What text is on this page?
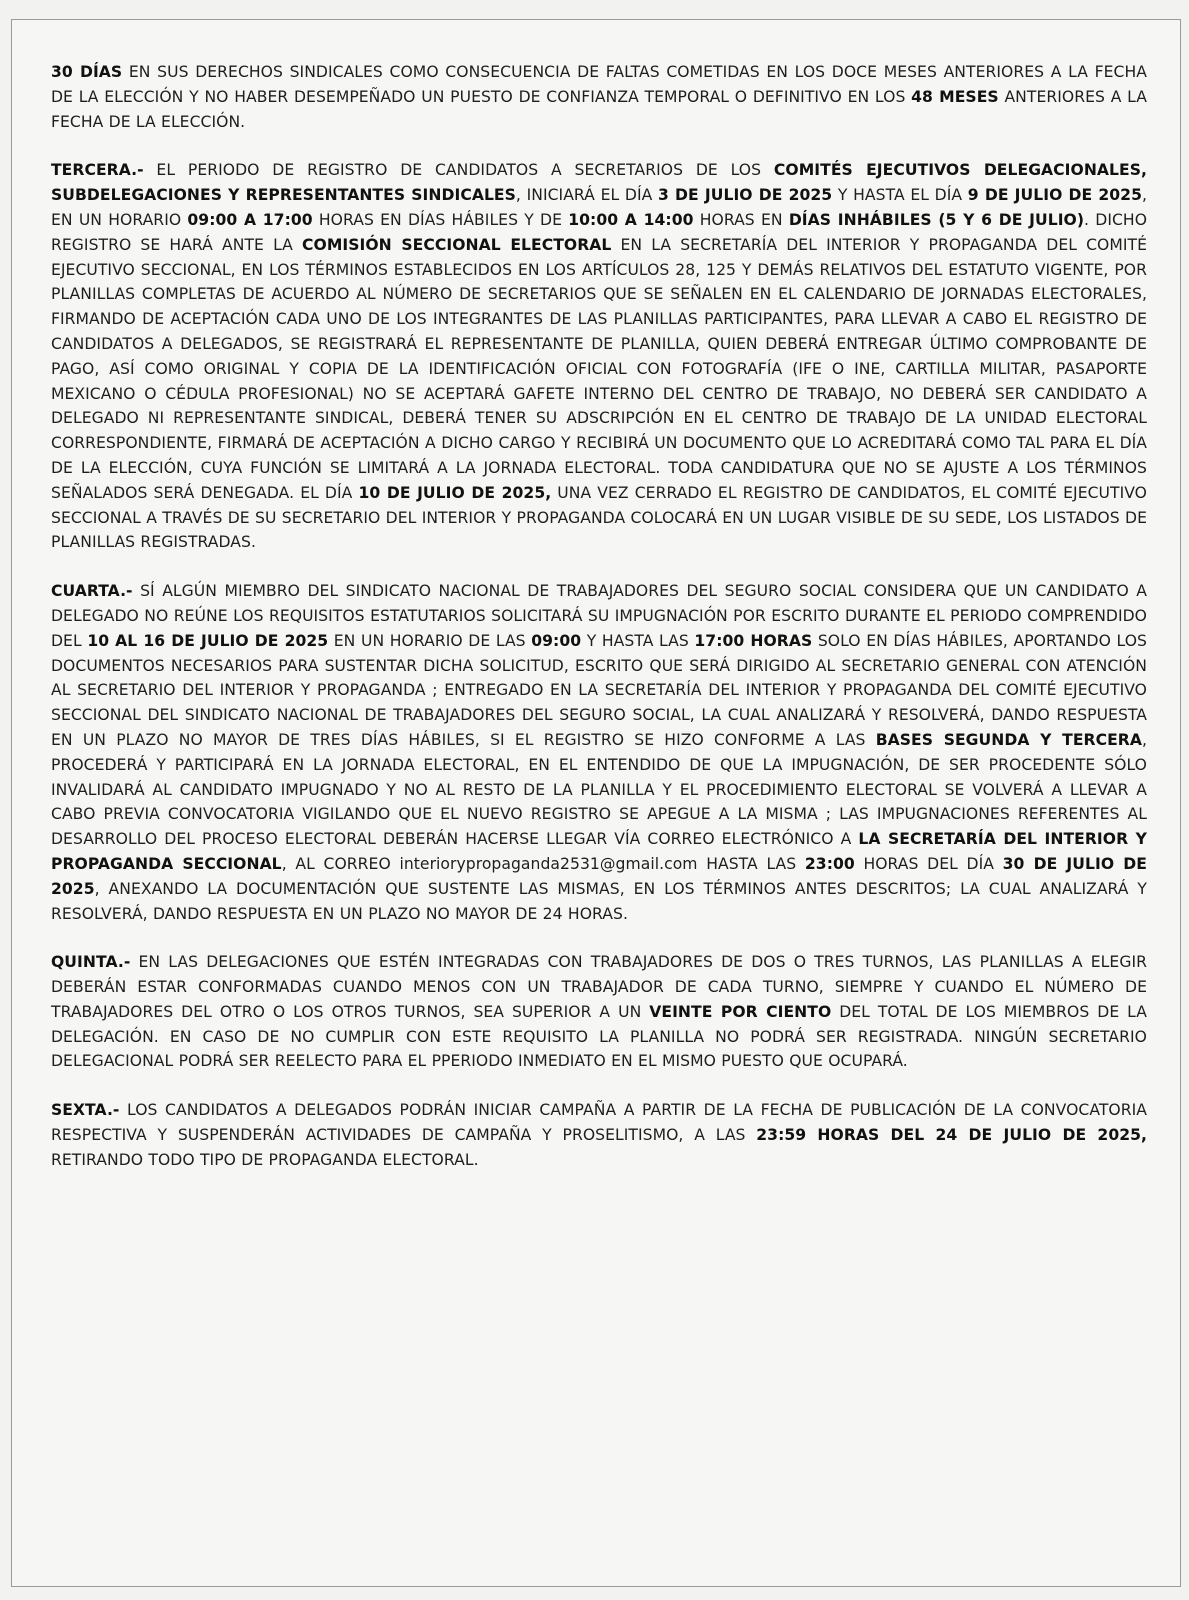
30 DÍAS EN SUS DERECHOS SINDICALES COMO CONSECUENCIA DE FALTAS COMETIDAS EN LOS DOCE MESES ANTERIORES A LA FECHA DE LA ELECCIÓN Y NO HABER DESEMPEÑADO UN PUESTO DE CONFIANZA TEMPORAL O DEFINITIVO EN LOS 48 MESES ANTERIORES A LA FECHA DE LA ELECCIÓN.

TERCERA.- EL PERIODO DE REGISTRO DE CANDIDATOS A SECRETARIOS DE LOS COMITÉS EJECUTIVOS DELEGACIONALES, SUBDELEGACIONES Y REPRESENTANTES SINDICALES, INICIARÁ EL DÍA 3 DE JULIO DE 2025 Y HASTA EL DÍA 9 DE JULIO DE 2025, EN UN HORARIO 09:00 A 17:00 HORAS EN DÍAS HÁBILES Y DE 10:00 A 14:00 HORAS EN DÍAS INHÁBILES (5 Y 6 DE JULIO). DICHO REGISTRO SE HARÁ ANTE LA COMISIÓN SECCIONAL ELECTORAL EN LA SECRETARÍA DEL INTERIOR Y PROPAGANDA DEL COMITÉ EJECUTIVO SECCIONAL, EN LOS TÉRMINOS ESTABLECIDOS EN LOS ARTÍCULOS 28, 125 Y DEMÁS RELATIVOS DEL ESTATUTO VIGENTE, POR PLANILLAS COMPLETAS DE ACUERDO AL NÚMERO DE SECRETARIOS QUE SE SEÑALEN EN EL CALENDARIO DE JORNADAS ELECTORALES, FIRMANDO DE ACEPTACIÓN CADA UNO DE LOS INTEGRANTES DE LAS PLANILLAS PARTICIPANTES, PARA LLEVAR A CABO EL REGISTRO DE CANDIDATOS A DELEGADOS, SE REGISTRARÁ EL REPRESENTANTE DE PLANILLA, QUIEN DEBERÁ ENTREGAR ÚLTIMO COMPROBANTE DE PAGO, ASÍ COMO ORIGINAL Y COPIA DE LA IDENTIFICACIÓN OFICIAL CON FOTOGRAFÍA (IFE O INE, CARTILLA MILITAR, PASAPORTE MEXICANO O CÉDULA PROFESIONAL) NO SE ACEPTARÁ GAFETE INTERNO DEL CENTRO DE TRABAJO, NO DEBERÁ SER CANDIDATO A DELEGADO NI REPRESENTANTE SINDICAL, DEBERÁ TENER SU ADSCRIPCIÓN EN EL CENTRO DE TRABAJO DE LA UNIDAD ELECTORAL CORRESPONDIENTE, FIRMARÁ DE ACEPTACIÓN A DICHO CARGO Y RECIBIRÁ UN DOCUMENTO QUE LO ACREDITARÁ COMO TAL PARA EL DÍA DE LA ELECCIÓN, CUYA FUNCIÓN SE LIMITARÁ A LA JORNADA ELECTORAL. TODA CANDIDATURA QUE NO SE AJUSTE A LOS TÉRMINOS SEÑALADOS SERÁ DENEGADA. EL DÍA 10 DE JULIO DE 2025, UNA VEZ CERRADO EL REGISTRO DE CANDIDATOS, EL COMITÉ EJECUTIVO SECCIONAL A TRAVÉS DE SU SECRETARIO DEL INTERIOR Y PROPAGANDA COLOCARÁ EN UN LUGAR VISIBLE DE SU SEDE, LOS LISTADOS DE PLANILLAS REGISTRADAS.

CUARTA.- SÍ ALGÚN MIEMBRO DEL SINDICATO NACIONAL DE TRABAJADORES DEL SEGURO SOCIAL CONSIDERA QUE UN CANDIDATO A DELEGADO NO REÚNE LOS REQUISITOS ESTATUTARIOS SOLICITARÁ SU IMPUGNACIÓN POR ESCRITO DURANTE EL PERIODO COMPRENDIDO DEL 10 AL 16 DE JULIO DE 2025 EN UN HORARIO DE LAS 09:00 Y HASTA LAS 17:00 HORAS SOLO EN DÍAS HÁBILES, APORTANDO LOS DOCUMENTOS NECESARIOS PARA SUSTENTAR DICHA SOLICITUD, ESCRITO QUE SERÁ DIRIGIDO AL SECRETARIO GENERAL CON ATENCIÓN AL SECRETARIO DEL INTERIOR Y PROPAGANDA ; ENTREGADO EN LA SECRETARÍA DEL INTERIOR Y PROPAGANDA DEL COMITÉ EJECUTIVO SECCIONAL DEL SINDICATO NACIONAL DE TRABAJADORES DEL SEGURO SOCIAL, LA CUAL ANALIZARÁ Y RESOLVERÁ, DANDO RESPUESTA EN UN PLAZO NO MAYOR DE TRES DÍAS HÁBILES, SI EL REGISTRO SE HIZO CONFORME A LAS BASES SEGUNDA Y TERCERA, PROCEDERÁ Y PARTICIPARÁ EN LA JORNADA ELECTORAL, EN EL ENTENDIDO DE QUE LA IMPUGNACIÓN, DE SER PROCEDENTE SÓLO INVALIDARÁ AL CANDIDATO IMPUGNADO Y NO AL RESTO DE LA PLANILLA Y EL PROCEDIMIENTO ELECTORAL SE VOLVERÁ A LLEVAR A CABO PREVIA CONVOCATORIA VIGILANDO QUE EL NUEVO REGISTRO SE APEGUE A LA MISMA ; LAS IMPUGNACIONES REFERENTES AL DESARROLLO DEL PROCESO ELECTORAL DEBERÁN HACERSE LLEGAR VÍA CORREO ELECTRÓNICO A LA SECRETARÍA DEL INTERIOR Y PROPAGANDA SECCIONAL, AL CORREO interiorypropaganda2531@gmail.com HASTA LAS 23:00 HORAS DEL DÍA 30 DE JULIO DE 2025, ANEXANDO LA DOCUMENTACIÓN QUE SUSTENTE LAS MISMAS, EN LOS TÉRMINOS ANTES DESCRITOS; LA CUAL ANALIZARÁ Y RESOLVERÁ, DANDO RESPUESTA EN UN PLAZO NO MAYOR DE 24 HORAS.

QUINTA.- EN LAS DELEGACIONES QUE ESTÉN INTEGRADAS CON TRABAJADORES DE DOS O TRES TURNOS, LAS PLANILLAS A ELEGIR DEBERÁN ESTAR CONFORMADAS CUANDO MENOS CON UN TRABAJADOR DE CADA TURNO, SIEMPRE Y CUANDO EL NÚMERO DE TRABAJADORES DEL OTRO O LOS OTROS TURNOS, SEA SUPERIOR A UN VEINTE POR CIENTO DEL TOTAL DE LOS MIEMBROS DE LA DELEGACIÓN. EN CASO DE NO CUMPLIR CON ESTE REQUISITO LA PLANILLA NO PODRÁ SER REGISTRADA. NINGÚN SECRETARIO DELEGACIONAL PODRÁ SER REELECTO PARA EL PPERIODO INMEDIATO EN EL MISMO PUESTO QUE OCUPARÁ.

SEXTA.- LOS CANDIDATOS A DELEGADOS PODRÁN INICIAR CAMPAÑA A PARTIR DE LA FECHA DE PUBLICACIÓN DE LA CONVOCATORIA RESPECTIVA Y SUSPENDERÁN ACTIVIDADES DE CAMPAÑA Y PROSELITISMO, A LAS 23:59 HORAS DEL 24 DE JULIO DE 2025, RETIRANDO TODO TIPO DE PROPAGANDA ELECTORAL.
